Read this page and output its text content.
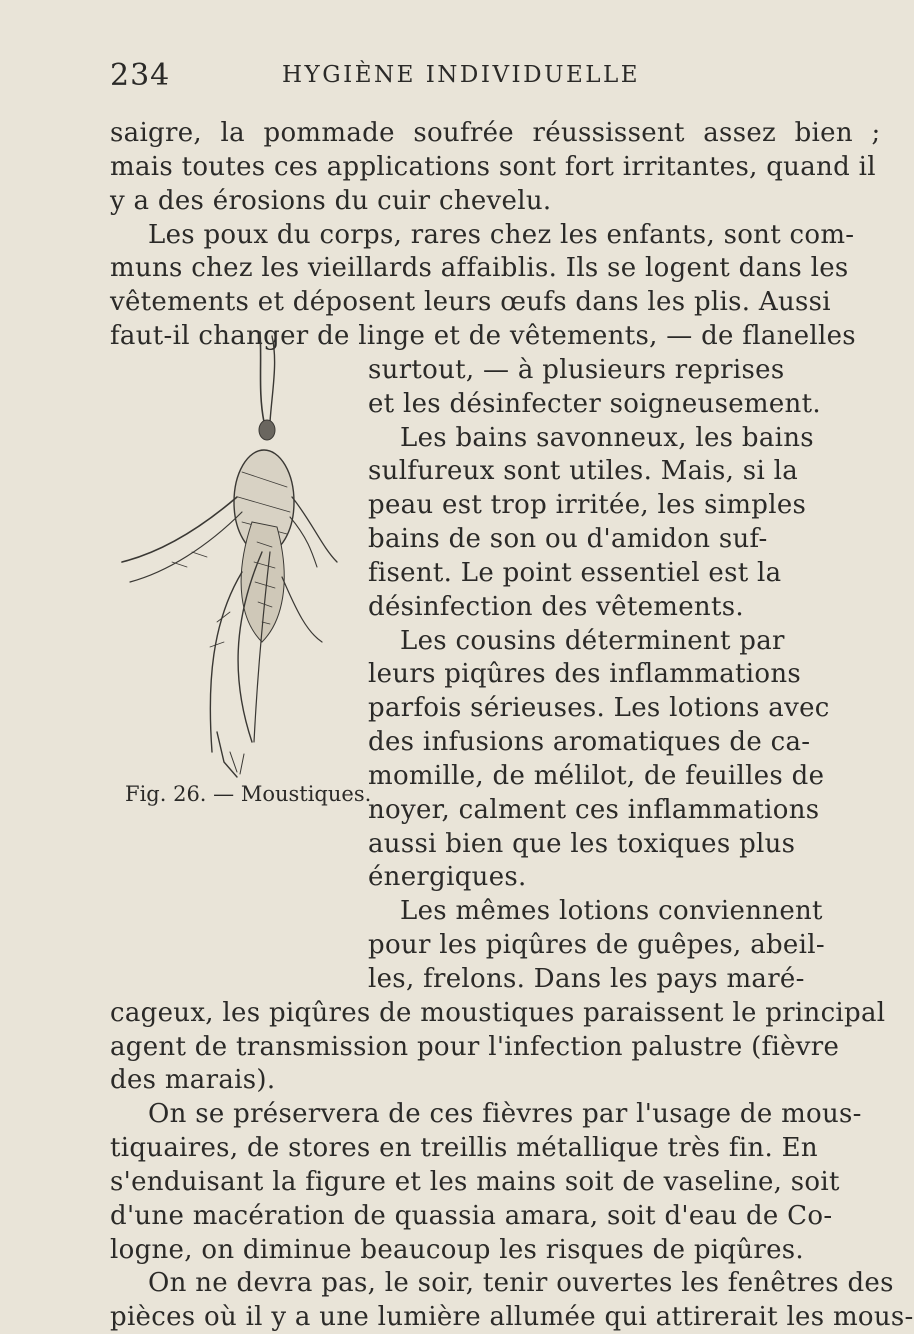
234	HYGIÈNE INDIVIDUELLE
saigre, la pommade soufrée réussissent assez bien ;
mais toutes ces applications sont fort irritantes, quand il
y a des érosions du cuir chevelu.
Les poux du corps, rares chez les enfants, sont com-
muns chez les vieillards affaiblis. Ils se logent dans les
vêtements et déposent leurs œufs dans les plis. Aussi
faut-il changer de linge et de vêtements, — de flanelles
surtout, — à plusieurs reprises
et les désinfecter soigneusement.
Les bains savonneux, les bains
sulfureux sont utiles. Mais, si la
peau est trop irritée, les simples
bains de son ou d'amidon suf-
fisent. Le point essentiel est la
désinfection des vêtements.
Les cousins déterminent par
leurs piqûres des inflammations
parfois sérieuses. Les lotions avec
des infusions aromatiques de ca-
momille, de mélilot, de feuilles de
noyer, calment ces inflammations
aussi bien que les toxiques plus
énergiques.
Les mêmes lotions conviennent
pour les piqûres de guêpes, abeil-
les, frelons. Dans les pays maré-
cageux, les piqûres de moustiques paraissent le principal
agent de transmission pour l'infection palustre (fièvre
des marais).
On se préservera de ces fièvres par l'usage de mous-
tiquaires, de stores en treillis métallique très fin. En
s'enduisant la figure et les mains soit de vaseline, soit
d'une macération de quassia amara, soit d'eau de Co-
logne, on diminue beaucoup les risques de piqûres.
On ne devra pas, le soir, tenir ouvertes les fenêtres des
pièces où il y a une lumière allumée qui attirerait les mous-
Fig. 26. — Moustiques.
